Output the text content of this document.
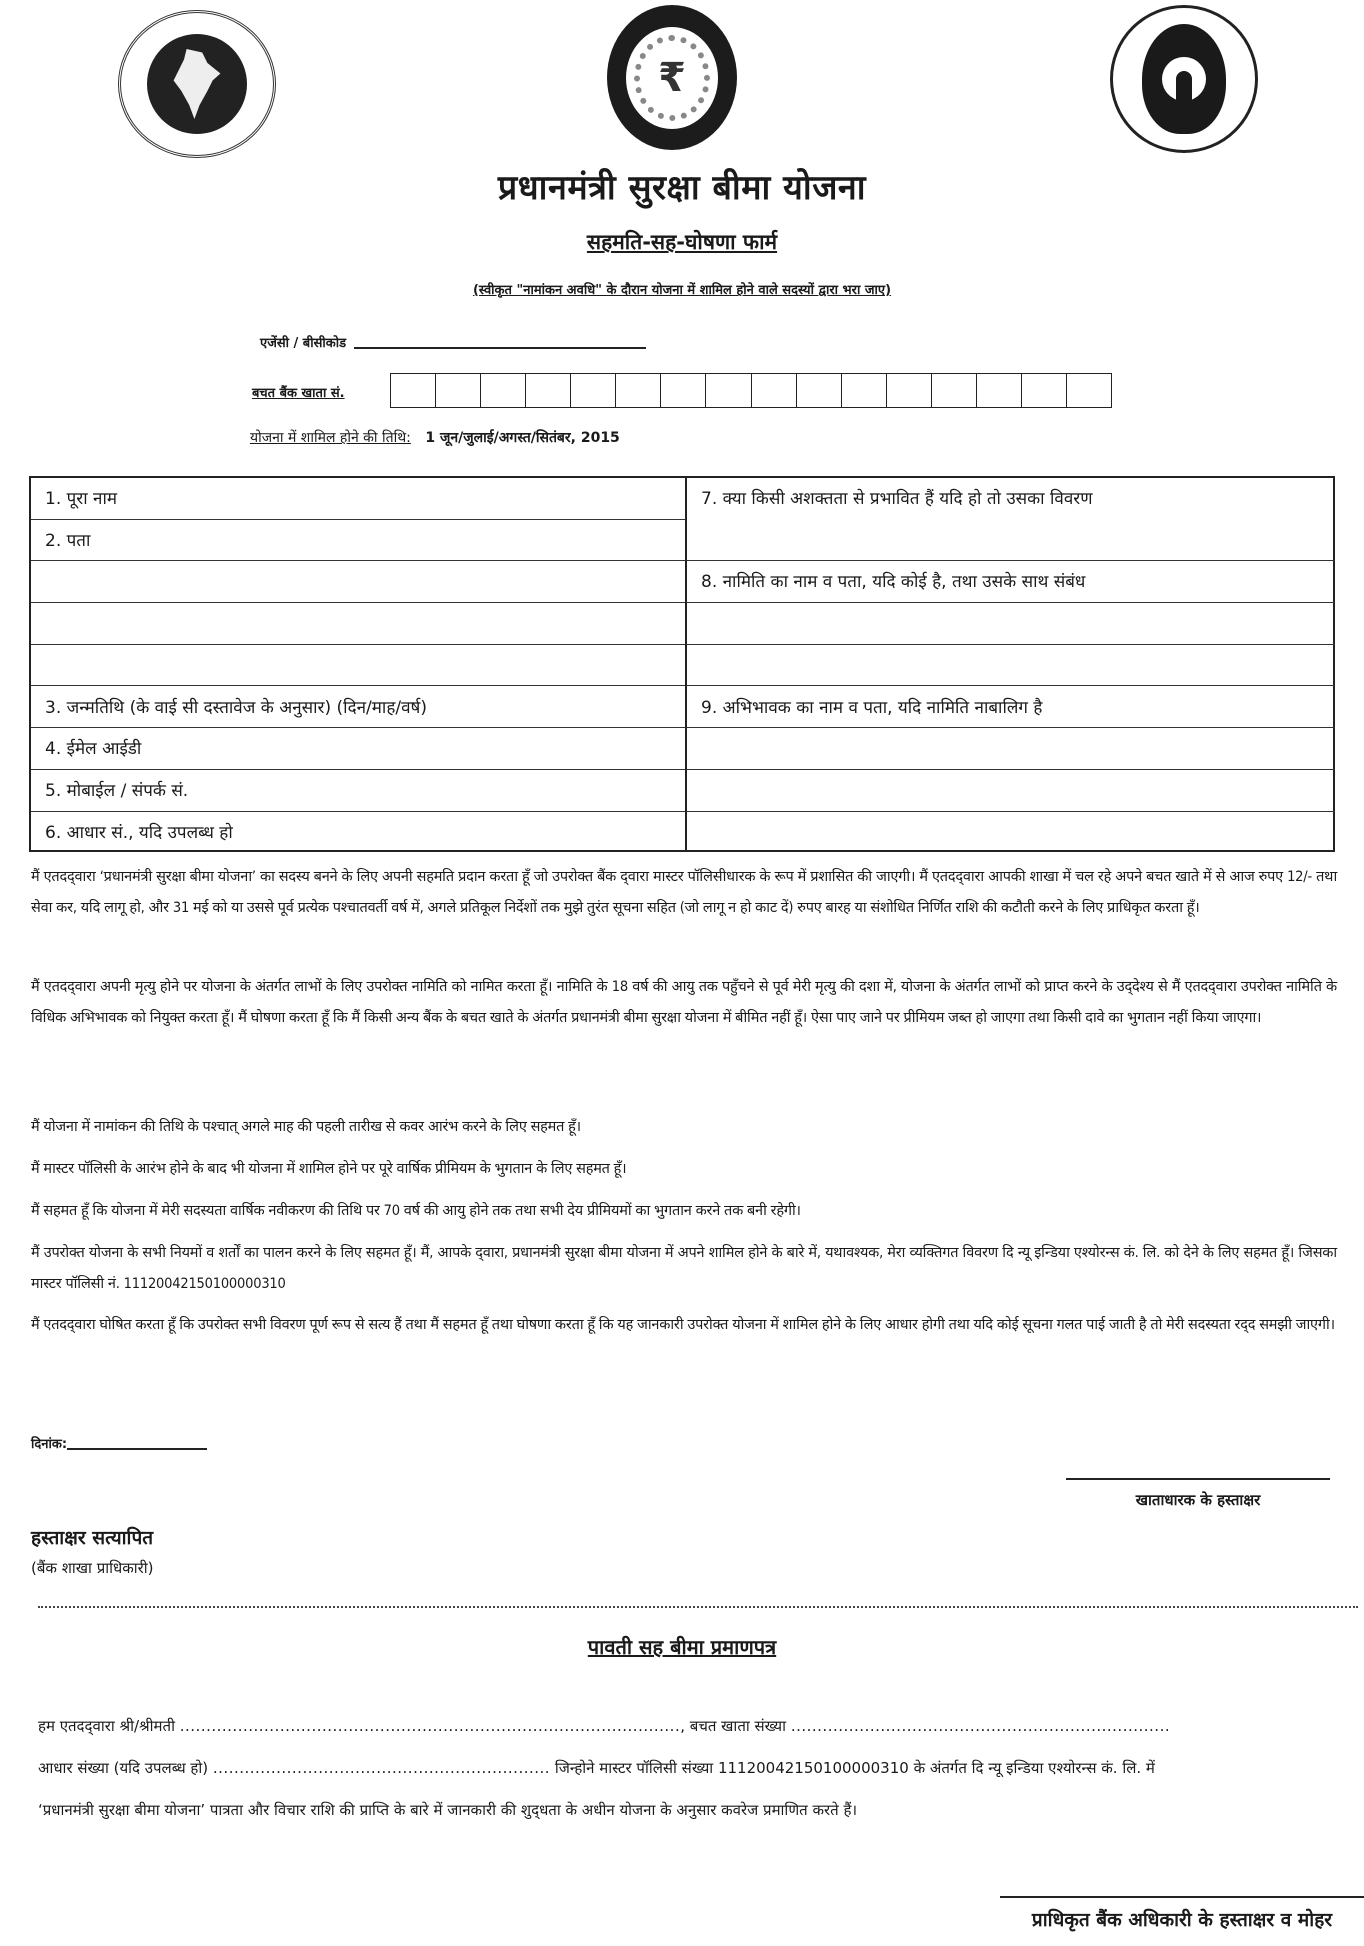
₹
प्रधानमंत्री सुरक्षा बीमा योजना
सहमति-सह-घोषणा फार्म
(स्वीकृत "नामांकन अवधि" के दौरान योजना में शामिल होने वाले सदस्यों द्वारा भरा जाए)
एजेंसी / बीसीकोड
बचत बैंक खाता सं.
योजना में शामिल होने की तिथि: 1 जून/जुलाई/अगस्त/सितंबर, 2015
1. पूरा नाम
2. पता
3. जन्मतिथि (के वाई सी दस्तावेज के अनुसार) (दिन/माह/वर्ष)
4. ईमेल आईडी
5. मोबाईल / संपर्क सं.
6. आधार सं., यदि उपलब्ध हो
7. क्या किसी अशक्तता से प्रभावित हैं यदि हो तो उसका विवरण
8. नामिति का नाम व पता, यदि कोई है, तथा उसके साथ संबंध
9. अभिभावक का नाम व पता, यदि नामिति नाबालिग है
मैं एतदद्‌वारा ‘प्रधानमंत्री सुरक्षा बीमा योजना’ का सदस्य बनने के लिए अपनी सहमति प्रदान करता हूँ जो उपरोक्त बैंक द्‌वारा मास्टर पॉलिसीधारक के रूप में प्रशासित की जाएगी। मैं एतदद्‌वारा आपकी शाखा में चल रहे अपने बचत खाते में से आज रुपए 12/- तथा सेवा कर, यदि लागू हो, और 31 मई को या उससे पूर्व प्रत्येक पश्चातवर्ती वर्ष में, अगले प्रतिकूल निर्देशों तक मुझे तुरंत सूचना सहित (जो लागू न हो काट दें) रुपए बारह या संशोधित निर्णित राशि की कटौती करने के लिए प्राधिकृत करता हूँ।
मैं एतदद्‌वारा अपनी मृत्यु होने पर योजना के अंतर्गत लाभों के लिए उपरोक्त नामिति को नामित करता हूँ। नामिति के 18 वर्ष की आयु तक पहुँचने से पूर्व मेरी मृत्यु की दशा में, योजना के अंतर्गत लाभों को प्राप्त करने के उद्‌देश्य से मैं एतदद्‌वारा उपरोक्त नामिति के विधिक अभिभावक को नियुक्त करता हूँ। मैं घोषणा करता हूँ कि मैं किसी अन्य बैंक के बचत खाते के अंतर्गत प्रधानमंत्री बीमा सुरक्षा योजना में बीमित नहीं हूँ। ऐसा पाए जाने पर प्रीमियम जब्त हो जाएगा तथा किसी दावे का भुगतान नहीं किया जाएगा।
मैं योजना में नामांकन की तिथि के पश्चात्‌ अगले माह की पहली तारीख से कवर आरंभ करने के लिए सहमत हूँ।
मैं मास्टर पॉलिसी के आरंभ होने के बाद भी योजना में शामिल होने पर पूरे वार्षिक प्रीमियम के भुगतान के लिए सहमत हूँ।
मैं सहमत हूँ कि योजना में मेरी सदस्यता वार्षिक नवीकरण की तिथि पर 70 वर्ष की आयु होने तक तथा सभी देय प्रीमियमों का भुगतान करने तक बनी रहेगी।
मैं उपरोक्त योजना के सभी नियमों व शर्तों का पालन करने के लिए सहमत हूँ। मैं, आपके द्‌वारा, प्रधानमंत्री सुरक्षा बीमा योजना में अपने शामिल होने के बारे में, यथावश्यक, मेरा व्यक्तिगत विवरण दि न्यू इन्डिया एश्योरन्स कं. लि. को देने के लिए सहमत हूँ। जिसका मास्टर पॉलिसी नं. 11120042150100000310
मैं एतदद्‌वारा घोषित करता हूँ कि उपरोक्त सभी विवरण पूर्ण रूप से सत्य हैं तथा मैं सहमत हूँ तथा घोषणा करता हूँ कि यह जानकारी उपरोक्त योजना में शामिल होने के लिए आधार होगी तथा यदि कोई सूचना गलत पाई जाती है तो मेरी सदस्यता रद्‌द समझी जाएगी।
दिनांक:
खाताधारक के हस्ताक्षर
हस्ताक्षर सत्यापित
(बैंक शाखा प्राधिकारी)
पावती सह बीमा प्रमाणपत्र
हम एतदद्‌वारा श्री/श्रीमती ..............................................................................................., बचत खाता संख्या ........................................................................
आधार संख्या (यदि उपलब्ध हो) ................................................................ जिन्होने मास्टर पॉलिसी संख्या 11120042150100000310 के अंतर्गत दि न्यू इन्डिया एश्योरन्स कं. लि. में
‘प्रधानमंत्री सुरक्षा बीमा योजना’ पात्रता और विचार राशि की प्राप्ति के बारे में जानकारी की शुद्‌धता के अधीन योजना के अनुसार कवरेज प्रमाणित करते हैं।
प्राधिकृत बैंक अधिकारी के हस्ताक्षर व मोहर
